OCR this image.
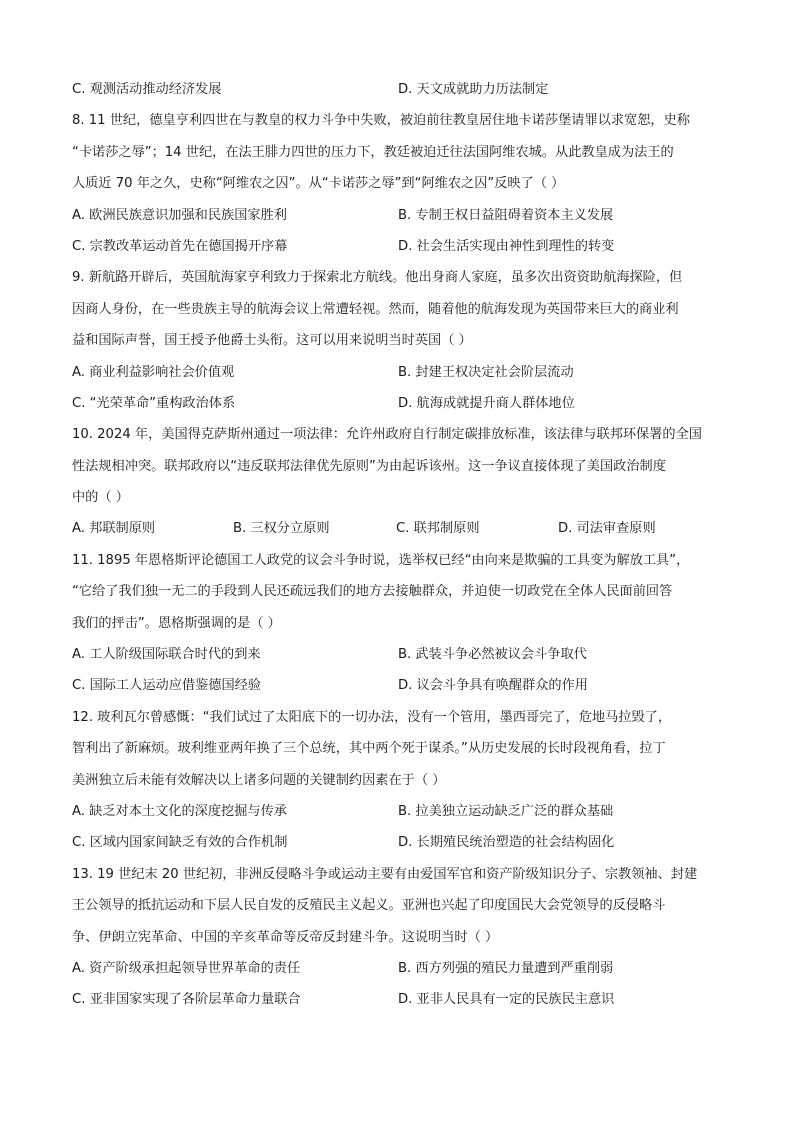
C. 观测活动推动经济发展	D. 天文成就助力历法制定
8. 11 世纪，德皇亨利四世在与教皇的权力斗争中失败，被迫前往教皇居住地卡诺莎堡请罪以求宽恕，史称
“卡诺莎之辱”；14 世纪，在法王腓力四世的压力下，教廷被迫迁往法国阿维农城。从此教皇成为法王的
人质近 70 年之久，史称“阿维农之囚”。从“卡诺莎之辱”到“阿维农之囚”反映了（ ）
A. 欧洲民族意识加强和民族国家胜利	B. 专制王权日益阻碍着资本主义发展
C. 宗教改革运动首先在德国揭开序幕	D. 社会生活实现由神性到理性的转变
9. 新航路开辟后，英国航海家亨利致力于探索北方航线。他出身商人家庭，虽多次出资资助航海探险，但
因商人身份，在一些贵族主导的航海会议上常遭轻视。然而，随着他的航海发现为英国带来巨大的商业利
益和国际声誉，国王授予他爵士头衔。这可以用来说明当时英国（ ）
A. 商业利益影响社会价值观	B. 封建王权决定社会阶层流动
C. “光荣革命”重构政治体系	D. 航海成就提升商人群体地位
10. 2024 年，美国得克萨斯州通过一项法律：允许州政府自行制定碳排放标准，该法律与联邦环保署的全国
性法规相冲突。联邦政府以“违反联邦法律优先原则”为由起诉该州。这一争议直接体现了美国政治制度
中的（ ）
A. 邦联制原则	B. 三权分立原则	C. 联邦制原则	D. 司法审查原则
11. 1895 年恩格斯评论德国工人政党的议会斗争时说，选举权已经“由向来是欺骗的工具变为解放工具”，
“它给了我们独一无二的手段到人民还疏远我们的地方去接触群众，并迫使一切政党在全体人民面前回答
我们的抨击”。恩格斯强调的是（ ）
A. 工人阶级国际联合时代的到来	B. 武装斗争必然被议会斗争取代
C. 国际工人运动应借鉴德国经验	D. 议会斗争具有唤醒群众的作用
12. 玻利瓦尔曾感慨：“我们试过了太阳底下的一切办法，没有一个管用，墨西哥完了，危地马拉毁了，
智利出了新麻烦。玻利维亚两年换了三个总统，其中两个死于谋杀。”从历史发展的长时段视角看，拉丁
美洲独立后未能有效解决以上诸多问题的关键制约因素在于（ ）
A. 缺乏对本土文化的深度挖掘与传承	B. 拉美独立运动缺乏广泛的群众基础
C. 区域内国家间缺乏有效的合作机制	D. 长期殖民统治塑造的社会结构固化
13. 19 世纪末 20 世纪初，非洲反侵略斗争或运动主要有由爱国军官和资产阶级知识分子、宗教领袖、封建
王公领导的抵抗运动和下层人民自发的反殖民主义起义。亚洲也兴起了印度国民大会党领导的反侵略斗
争、伊朗立宪革命、中国的辛亥革命等反帝反封建斗争。这说明当时（ ）
A. 资产阶级承担起领导世界革命的责任	B. 西方列强的殖民力量遭到严重削弱
C. 亚非国家实现了各阶层革命力量联合	D. 亚非人民具有一定的民族民主意识
